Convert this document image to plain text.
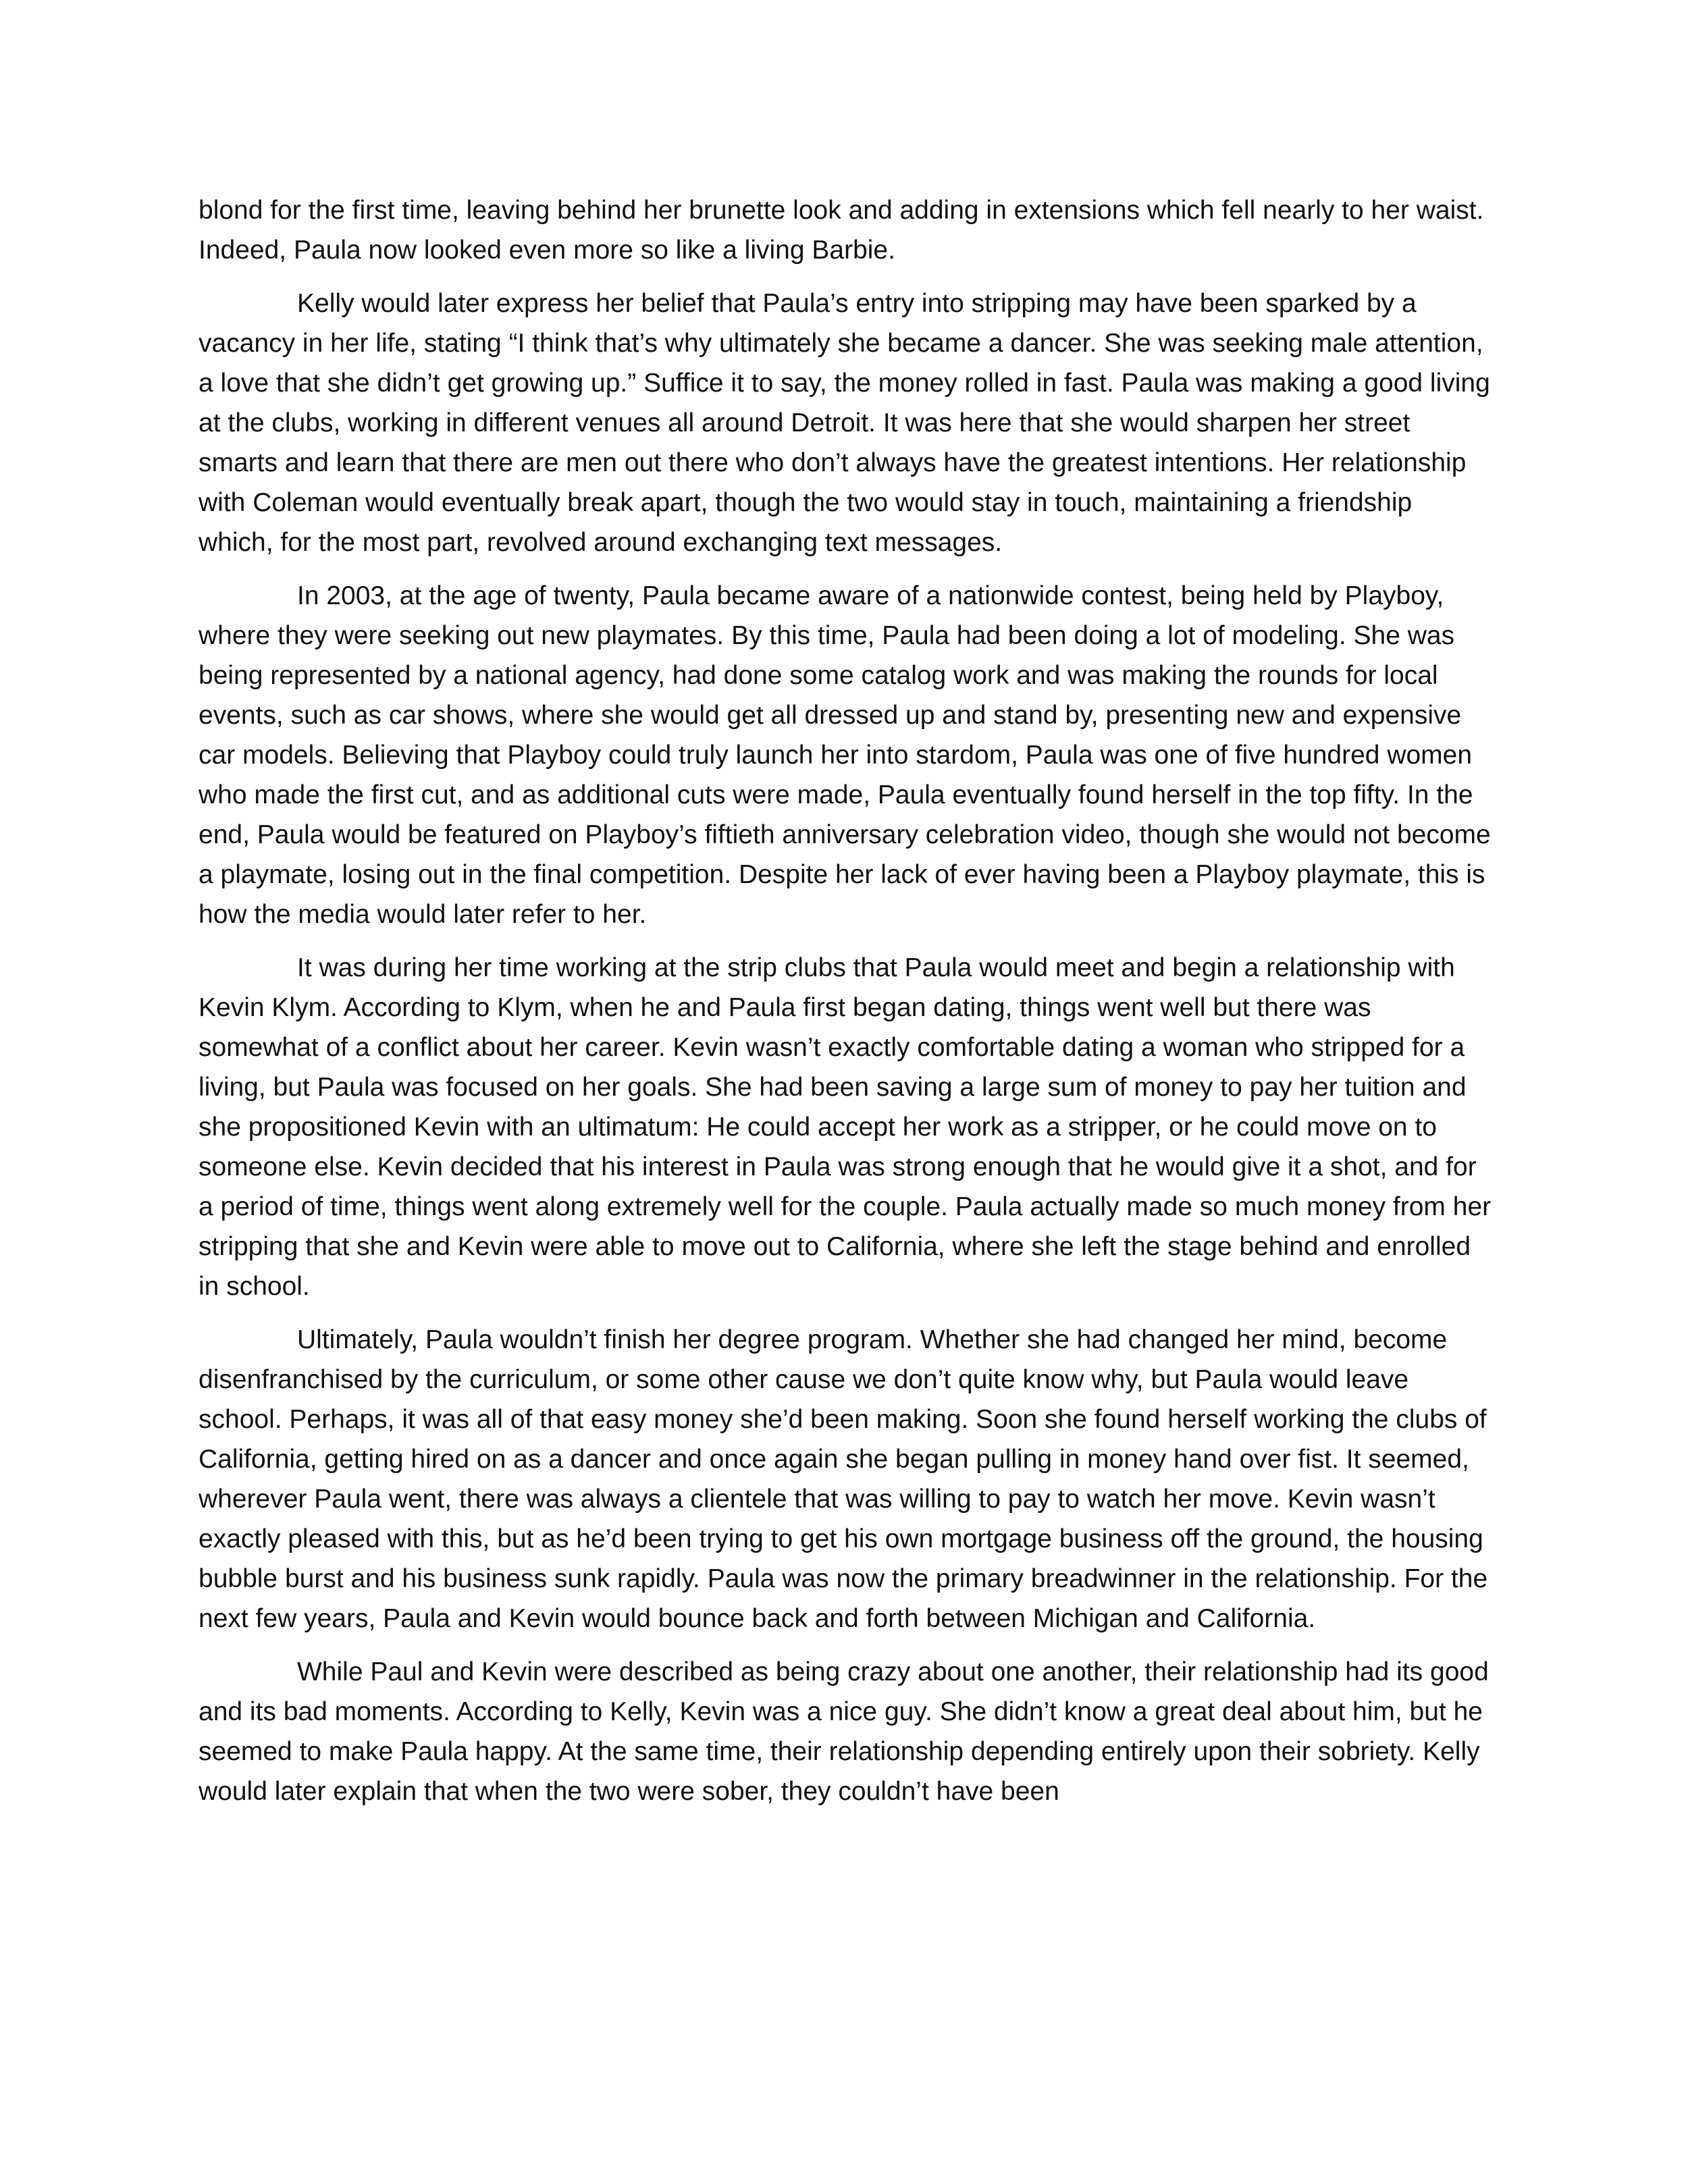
blond for the first time, leaving behind her brunette look and adding in extensions which fell nearly to her waist. Indeed, Paula now looked even more so like a living Barbie.

Kelly would later express her belief that Paula’s entry into stripping may have been sparked by a vacancy in her life, stating “I think that’s why ultimately she became a dancer. She was seeking male attention, a love that she didn’t get growing up.” Suffice it to say, the money rolled in fast. Paula was making a good living at the clubs, working in different venues all around Detroit. It was here that she would sharpen her street smarts and learn that there are men out there who don’t always have the greatest intentions. Her relationship with Coleman would eventually break apart, though the two would stay in touch, maintaining a friendship which, for the most part, revolved around exchanging text messages.

In 2003, at the age of twenty, Paula became aware of a nationwide contest, being held by Playboy, where they were seeking out new playmates. By this time, Paula had been doing a lot of modeling. She was being represented by a national agency, had done some catalog work and was making the rounds for local events, such as car shows, where she would get all dressed up and stand by, presenting new and expensive car models. Believing that Playboy could truly launch her into stardom, Paula was one of five hundred women who made the first cut, and as additional cuts were made, Paula eventually found herself in the top fifty. In the end, Paula would be featured on Playboy’s fiftieth anniversary celebration video, though she would not become a playmate, losing out in the final competition. Despite her lack of ever having been a Playboy playmate, this is how the media would later refer to her.

It was during her time working at the strip clubs that Paula would meet and begin a relationship with Kevin Klym. According to Klym, when he and Paula first began dating, things went well but there was somewhat of a conflict about her career. Kevin wasn’t exactly comfortable dating a woman who stripped for a living, but Paula was focused on her goals. She had been saving a large sum of money to pay her tuition and she propositioned Kevin with an ultimatum: He could accept her work as a stripper, or he could move on to someone else. Kevin decided that his interest in Paula was strong enough that he would give it a shot, and for a period of time, things went along extremely well for the couple. Paula actually made so much money from her stripping that she and Kevin were able to move out to California, where she left the stage behind and enrolled in school.

Ultimately, Paula wouldn’t finish her degree program. Whether she had changed her mind, become disenfranchised by the curriculum, or some other cause we don’t quite know why, but Paula would leave school. Perhaps, it was all of that easy money she’d been making. Soon she found herself working the clubs of California, getting hired on as a dancer and once again she began pulling in money hand over fist. It seemed, wherever Paula went, there was always a clientele that was willing to pay to watch her move. Kevin wasn’t exactly pleased with this, but as he’d been trying to get his own mortgage business off the ground, the housing bubble burst and his business sunk rapidly. Paula was now the primary breadwinner in the relationship. For the next few years, Paula and Kevin would bounce back and forth between Michigan and California.

While Paul and Kevin were described as being crazy about one another, their relationship had its good and its bad moments. According to Kelly, Kevin was a nice guy. She didn’t know a great deal about him, but he seemed to make Paula happy. At the same time, their relationship depending entirely upon their sobriety. Kelly would later explain that when the two were sober, they couldn’t have been
